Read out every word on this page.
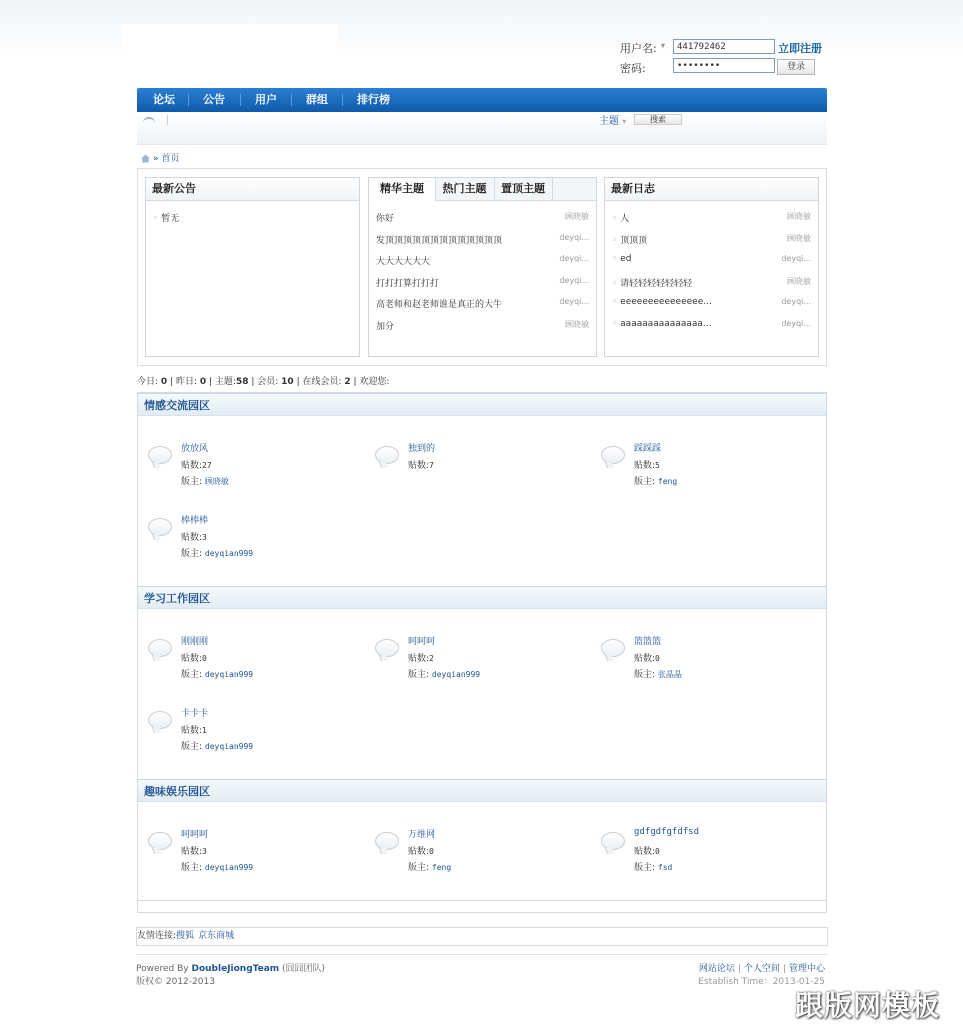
用户名: ▾	441792462	立即注册
密码:	••••••••	登录
论坛	公告	用户	群组	排行榜
主题 ▾	搜索
» 首页
最新公告
◦ 暂无
精华主题	热门主题	置顶主题
你好	顾晓敏
发顶顶顶顶顶顶顶顶顶顶顶顶顶	deyqi...
大大大大大大	deyqi...
打打打算打打打	deyqi...
高老师和赵老师谁是真正的大牛	deyqi...
加分	顾晓敏
最新日志
◦ 人	顾晓敏
◦ 顶顶顶	顾晓敏
◦ ed	deyqi...
◦ 请轻轻轻轻轻轻轻	顾晓敏
◦ eeeeeeeeeeeeeee...	deyqi...
◦ aaaaaaaaaaaaaaa...	deyqi...
今日: 0 | 昨日: 0 | 主题:58 | 会员: 10 | 在线会员: 2 | 欢迎您:
情感交流园区
放放风
贴数:27
版主: 顾晓敏
独到的
贴数:7
踩踩踩
贴数:5
版主: feng
棒棒棒
贴数:3
版主: deyqian999
学习工作园区
刚刚刚
贴数:0
版主: deyqian999
呵呵呵
贴数:2
版主: deyqian999
篮篮篮
贴数:0
版主: 张晶晶
卡卡卡
贴数:1
版主: deyqian999
趣味娱乐园区
呵呵呵
贴数:3
版主: deyqian999
万维网
贴数:0
版主: feng
gdfgdfgfdfsd
贴数:0
版主: fsd
友情连接:搜狐 京东商城
Powered By DoubleJiongTeam (囧囧团队)
版权© 2012-2013
网站论坛 | 个人空间 | 管理中心
Establish Time：2013-01-25
跟版网模板
